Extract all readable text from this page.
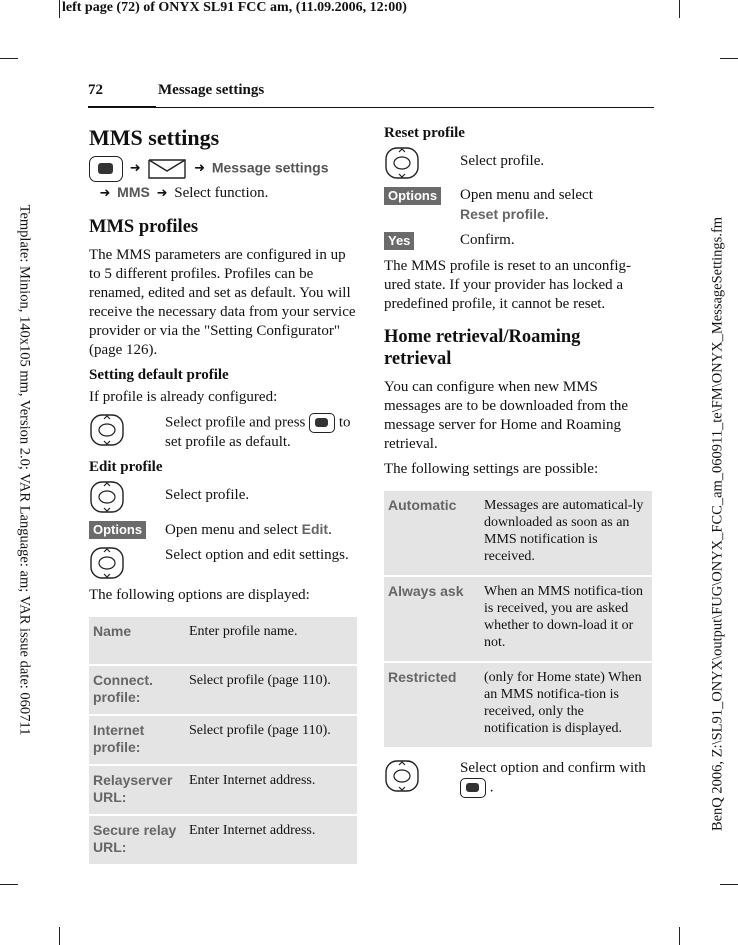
left page (72) of ONYX SL91 FCC am, (11.09.2006, 12:00)
Template: Minion, 140x105 mm, Version 2.0; VAR Language: am; VAR issue date: 060711	BenQ 2006, Z:\SL91_ONYX\output\FUG\ONYX_FCC_am_060911_te\FM\ONYX_MessageSettings.fm
72	Message settings
MMS settings
➜	➜ Message settings
➜ MMS ➜ Select function.
MMS profiles

The MMS parameters are configured in up to 5 different profiles. Profiles can be renamed, edited and set as default. You will receive the necessary data from your service provider or via the "Setting Configurator" (page 126).

Setting default profile

If profile is already configured:

Select profile and press to set profile as default.
Edit profile
Select profile.
Options	Open menu and select Edit.
Select option and edit settings.

The following options are displayed:

Name	Enter profile name.
Connect. profile:	Select profile (page 110).
Internet profile:	Select profile (page 110).
Relayserver URL:	Enter Internet address.
Secure relay URL:	Enter Internet address.
Reset profile
Select profile.
Options	Open menu and select
Reset profile.
Yes	Confirm.

The MMS profile is reset to an unconfig-ured state. If your provider has locked a predefined profile, it cannot be reset.

Home retrieval/Roaming retrieval

You can configure when new MMS messages are to be downloaded from the message server for Home and Roaming retrieval.

The following settings are possible:

Automatic	Messages are automatical-ly downloaded as soon as an MMS notification is received.
Always ask	When an MMS notifica-tion is received, you are asked whether to down-load it or not.
Restricted	(only for Home state) When an MMS notifica-tion is received, only the notification is displayed.
Select option and confirm with
.
